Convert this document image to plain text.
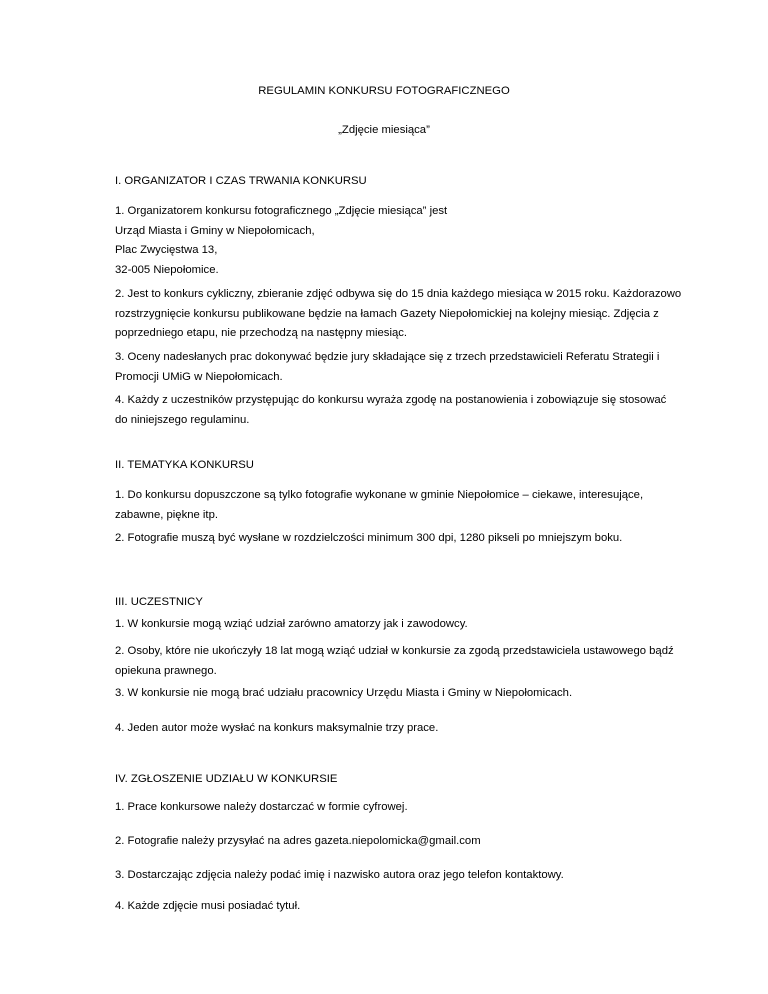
REGULAMIN KONKURSU FOTOGRAFICZNEGO

„Zdjęcie miesiąca”

I. ORGANIZATOR I CZAS TRWANIA KONKURSU

1. Organizatorem konkursu fotograficznego „Zdjęcie miesiąca” jest
Urząd Miasta i Gminy w Niepołomicach,
Plac Zwycięstwa 13,
32-005 Niepołomice.

2. Jest to konkurs cykliczny, zbieranie zdjęć odbywa się do 15 dnia każdego miesiąca w 2015 roku. Każdorazowo
rozstrzygnięcie konkursu publikowane będzie na łamach Gazety Niepołomickiej na kolejny miesiąc. Zdjęcia z
poprzedniego etapu, nie przechodzą na następny miesiąc.

3. Oceny nadesłanych prac dokonywać będzie jury składające się z trzech przedstawicieli Referatu Strategii i
Promocji UMiG w Niepołomicach.

4. Każdy z uczestników przystępując do konkursu wyraża zgodę na postanowienia i zobowiązuje się stosować
do niniejszego regulaminu.

II. TEMATYKA KONKURSU

1. Do konkursu dopuszczone są tylko fotografie wykonane w gminie Niepołomice – ciekawe, interesujące,
zabawne, piękne itp.

2. Fotografie muszą być wysłane w rozdzielczości minimum 300 dpi, 1280 pikseli po mniejszym boku.

III. UCZESTNICY

1. W konkursie mogą wziąć udział zarówno amatorzy jak i zawodowcy.

2. Osoby, które nie ukończyły 18 lat mogą wziąć udział w konkursie za zgodą przedstawiciela ustawowego bądź
opiekuna prawnego.

3. W konkursie nie mogą brać udziału pracownicy Urzędu Miasta i Gminy w Niepołomicach.

4. Jeden autor może wysłać na konkurs maksymalnie trzy prace.

IV. ZGŁOSZENIE UDZIAŁU W KONKURSIE

1. Prace konkursowe należy dostarczać w formie cyfrowej.

2. Fotografie należy przysyłać na adres gazeta.niepolomicka@gmail.com

3. Dostarczając zdjęcia należy podać imię i nazwisko autora oraz jego telefon kontaktowy.

4. Każde zdjęcie musi posiadać tytuł.
